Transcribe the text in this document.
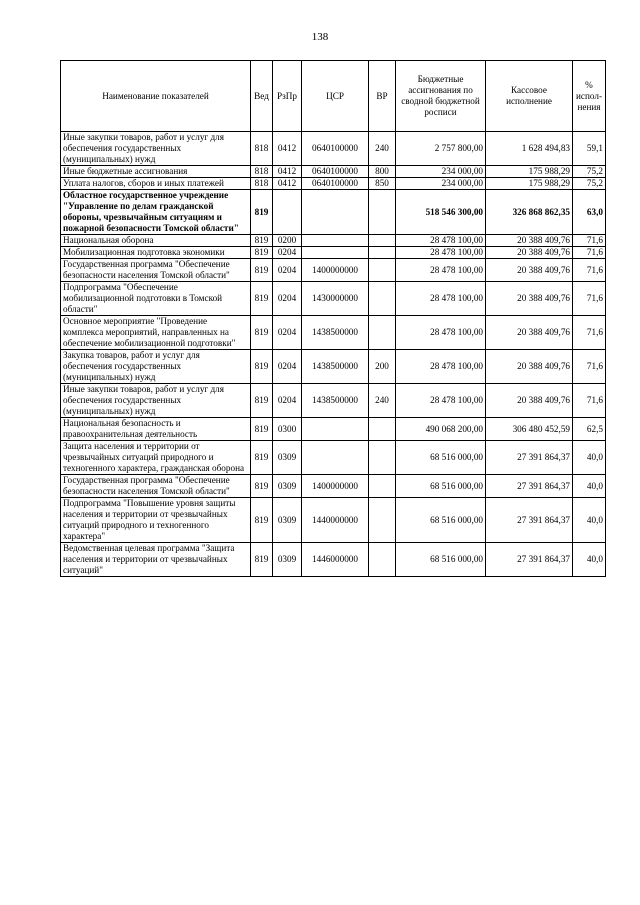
138
Наименование показателей	Вед	РзПр	ЦСР	ВР	Бюджетные ассигнования по сводной бюджетной росписи	Кассовое исполнение	% испол-нения
Иные закупки товаров, работ и услуг для обеспечения государственных (муниципальных) нужд	818	0412	0640100000	240	2 757 800,00	1 628 494,83	59,1
Иные бюджетные ассигнования	818	0412	0640100000	800	234 000,00	175 988,29	75,2
Уплата налогов, сборов и иных платежей	818	0412	0640100000	850	234 000,00	175 988,29	75,2
Областное государственное учреждение "Управление по делам гражданской обороны, чрезвычайным ситуациям и пожарной безопасности Томской области"	819				518 546 300,00	326 868 862,35	63,0
Национальная оборона	819	0200			28 478 100,00	20 388 409,76	71,6
Мобилизационная подготовка экономики	819	0204			28 478 100,00	20 388 409,76	71,6
Государственная программа "Обеспечение безопасности населения Томской области"	819	0204	1400000000		28 478 100,00	20 388 409,76	71,6
Подпрограмма "Обеспечение мобилизационной подготовки в Томской области"	819	0204	1430000000		28 478 100,00	20 388 409,76	71,6
Основное мероприятие "Проведение комплекса мероприятий, направленных на обеспечение мобилизационной подготовки"	819	0204	1438500000		28 478 100,00	20 388 409,76	71,6
Закупка товаров, работ и услуг для обеспечения государственных (муниципальных) нужд	819	0204	1438500000	200	28 478 100,00	20 388 409,76	71,6
Иные закупки товаров, работ и услуг для обеспечения государственных (муниципальных) нужд	819	0204	1438500000	240	28 478 100,00	20 388 409,76	71,6
Национальная безопасность и правоохранительная деятельность	819	0300			490 068 200,00	306 480 452,59	62,5
Защита населения и территории от чрезвычайных ситуаций природного и техногенного характера, гражданская оборона	819	0309			68 516 000,00	27 391 864,37	40,0
Государственная программа "Обеспечение безопасности населения Томской области"	819	0309	1400000000		68 516 000,00	27 391 864,37	40,0
Подпрограмма "Повышение уровня защиты населения и территории от чрезвычайных ситуаций природного и техногенного характера"	819	0309	1440000000		68 516 000,00	27 391 864,37	40,0
Ведомственная целевая программа "Защита населения и территории от чрезвычайных ситуаций"	819	0309	1446000000		68 516 000,00	27 391 864,37	40,0
